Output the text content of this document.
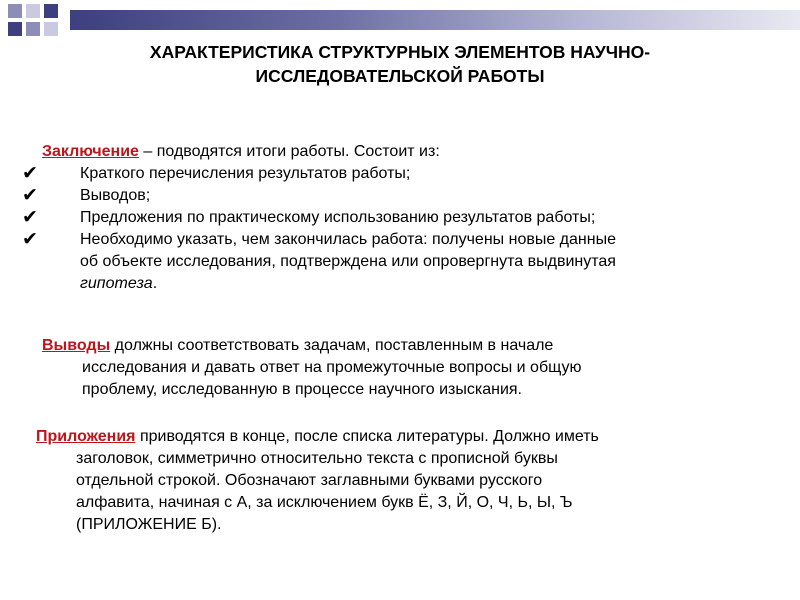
ХАРАКТЕРИСТИКА СТРУКТУРНЫХ ЭЛЕМЕНТОВ НАУЧНО-
ИССЛЕДОВАТЕЛЬСКОЙ РАБОТЫ
Заключение – подводятся итоги работы. Состоит из:
✔	Краткого перечисления результатов работы;
✔	Выводов;
✔	Предложения по практическому использованию результатов работы;
✔	Необходимо указать, чем закончилась работа: получены новые данные
об объекте исследования, подтверждена или опровергнута выдвинутая
гипотеза.
Выводы должны соответствовать задачам, поставленным в начале
исследования и давать ответ на промежуточные вопросы и общую
проблему, исследованную в процессе научного изыскания.
Приложения приводятся в конце, после списка литературы. Должно иметь
заголовок, симметрично относительно текста с прописной буквы
отдельной строкой. Обозначают заглавными буквами русского
алфавита, начиная с А, за исключением букв Ё, З, Й, О, Ч, Ь, Ы, Ъ
(ПРИЛОЖЕНИЕ Б).
